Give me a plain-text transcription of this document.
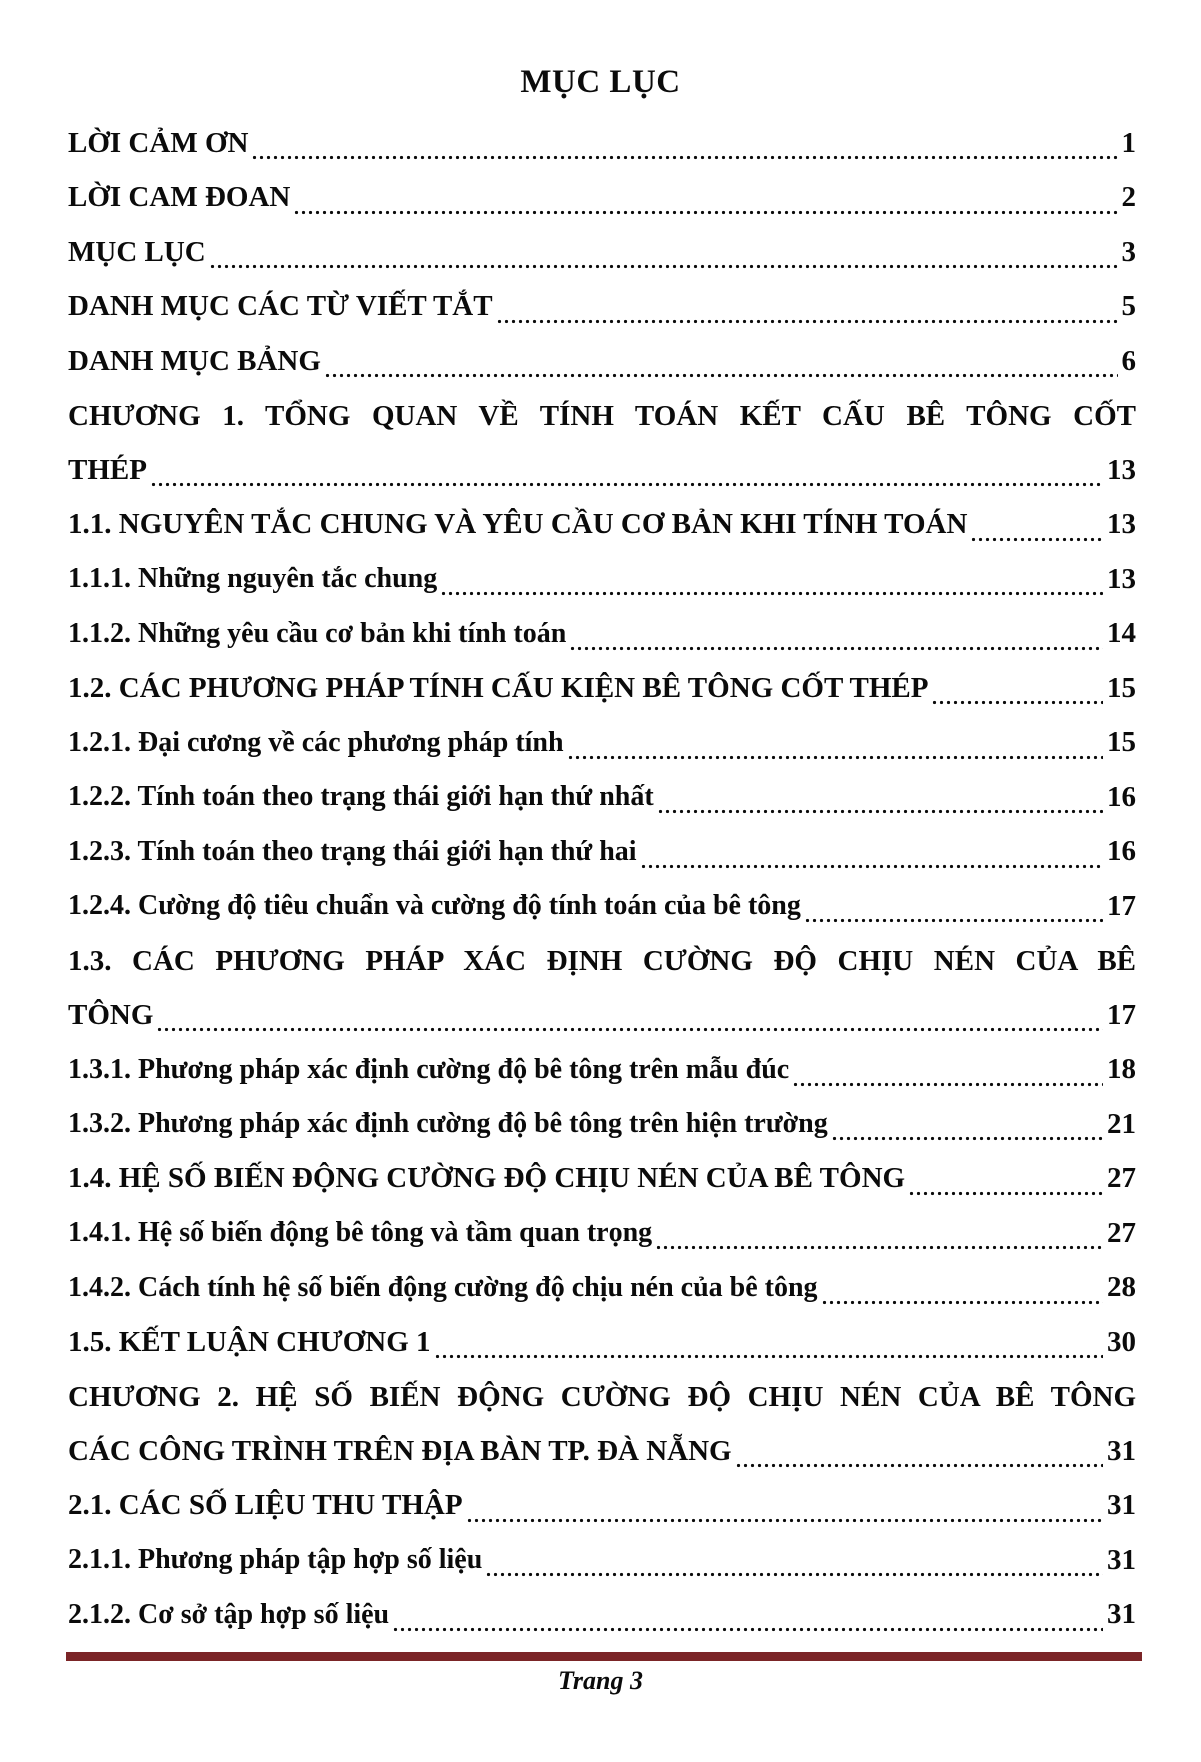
MỤC LỤC
LỜI CẢM ƠN	1
LỜI CAM ĐOAN	2
MỤC LỤC	3
DANH MỤC CÁC TỪ VIẾT TẮT	5
DANH MỤC BẢNG	6
CHƯƠNG 1. TỔNG QUAN VỀ TÍNH TOÁN KẾT CẤU BÊ TÔNG CỐT
THÉP	13
1.1. NGUYÊN TẮC CHUNG VÀ YÊU CẦU CƠ BẢN KHI TÍNH TOÁN	13
1.1.1. Những nguyên tắc chung	13
1.1.2. Những yêu cầu cơ bản khi tính toán	14
1.2. CÁC PHƯƠNG PHÁP TÍNH CẤU KIỆN BÊ TÔNG CỐT THÉP	15
1.2.1. Đại cương về các phương pháp tính	15
1.2.2. Tính toán theo trạng thái giới hạn thứ nhất	16
1.2.3. Tính toán theo trạng thái giới hạn thứ hai	16
1.2.4. Cường độ tiêu chuẩn và cường độ tính toán của bê tông	17
1.3. CÁC PHƯƠNG PHÁP XÁC ĐỊNH CƯỜNG ĐỘ CHỊU NÉN CỦA BÊ
TÔNG	17
1.3.1. Phương pháp xác định cường độ bê tông trên mẫu đúc	18
1.3.2. Phương pháp xác định cường độ bê tông trên hiện trường	21
1.4. HỆ SỐ BIẾN ĐỘNG CƯỜNG ĐỘ CHỊU NÉN CỦA BÊ TÔNG	27
1.4.1. Hệ số biến động bê tông và tầm quan trọng	27
1.4.2. Cách tính hệ số biến động cường độ chịu nén của bê tông	28
1.5. KẾT LUẬN CHƯƠNG 1	30
CHƯƠNG 2. HỆ SỐ BIẾN ĐỘNG CƯỜNG ĐỘ CHỊU NÉN CỦA BÊ TÔNG
CÁC CÔNG TRÌNH TRÊN ĐỊA BÀN TP. ĐÀ NẴNG	31
2.1. CÁC SỐ LIỆU THU THẬP	31
2.1.1. Phương pháp tập hợp số liệu	31
2.1.2. Cơ sở tập hợp số liệu	31
Trang 3
